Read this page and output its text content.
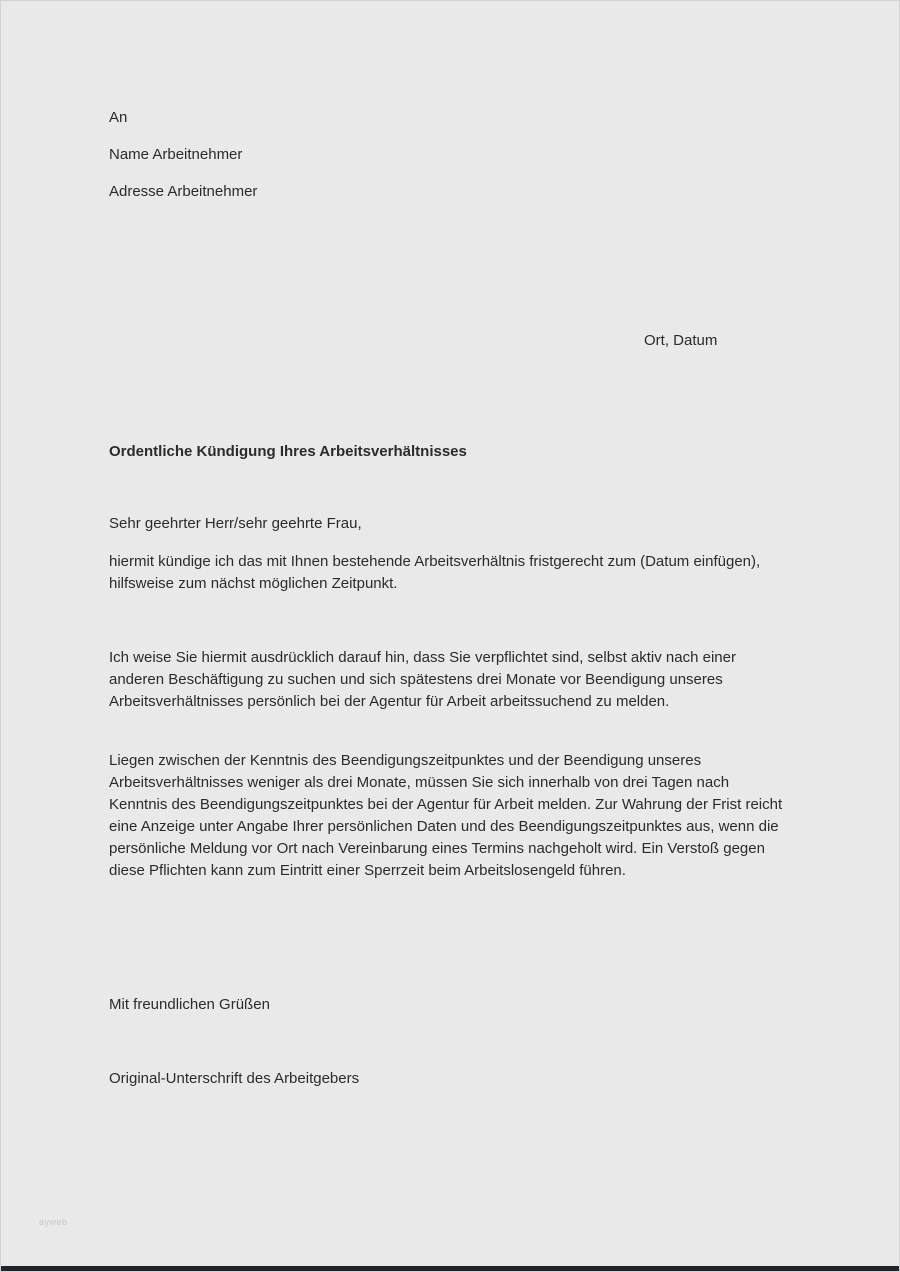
An
Name Arbeitnehmer
Adresse Arbeitnehmer
Ort, Datum
Ordentliche Kündigung Ihres Arbeitsverhältnisses
Sehr geehrter Herr/sehr geehrte Frau,
hiermit kündige ich das mit Ihnen bestehende Arbeitsverhältnis fristgerecht zum (Datum einfügen), hilfsweise zum nächst möglichen Zeitpunkt.
Ich weise Sie hiermit ausdrücklich darauf hin, dass Sie verpflichtet sind, selbst aktiv nach einer anderen Beschäftigung zu suchen und sich spätestens drei Monate vor Beendigung unseres Arbeitsverhältnisses persönlich bei der Agentur für Arbeit arbeitssuchend zu melden.
Liegen zwischen der Kenntnis des Beendigungszeitpunktes und der Beendigung unseres Arbeitsverhältnisses weniger als drei Monate, müssen Sie sich innerhalb von drei Tagen nach Kenntnis des Beendigungszeitpunktes bei der Agentur für Arbeit melden. Zur Wahrung der Frist reicht eine Anzeige unter Angabe Ihrer persönlichen Daten und des Beendigungszeitpunktes aus, wenn die persönliche Meldung vor Ort nach Vereinbarung eines Termins nachgeholt wird. Ein Verstoß gegen diese Pflichten kann zum Eintritt einer Sperrzeit beim Arbeitslosengeld führen.
Mit freundlichen Grüßen
Original-Unterschrift des Arbeitgebers
ayweb
